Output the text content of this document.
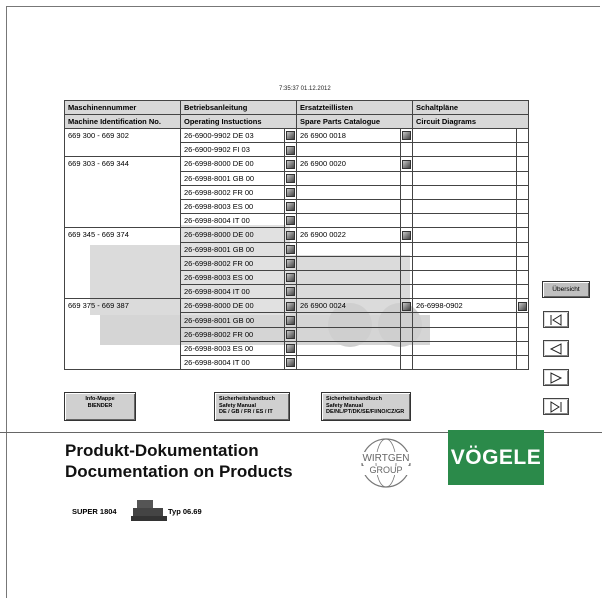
7:35:37 01.12.2012
Maschinennummer	Betriebsanleitung		Ersatzteillisten		Schaltpläne	
Machine Identification No.	Operating Instuctions		Spare Parts Catalogue		Circuit Diagrams	
669 300 - 669 302	26-6900-9902 DE 03		26 6900 0018			
	26-6900-9902 FI 03					
669 303 - 669 344	26-6998-8000 DE 00		26 6900 0020			
	26-6998-8001 GB 00					
	26-6998-8002 FR 00					
	26-6998-8003 ES 00					
	26-6998-8004 IT 00					
669 345 - 669 374	26-6998-8000 DE 00		26 6900 0022			
	26-6998-8001 GB 00					
	26-6998-8002 FR 00					
	26-6998-8003 ES 00					
	26-6998-8004 IT 00					
669 375 - 669 387	26-6998-8000 DE 00		26 6900 0024		26-6998-0902	
	26-6998-8001 GB 00					
	26-6998-8002 FR 00					
	26-6998-8003 ES 00					
	26-6998-8004 IT 00					
Übersicht
Info-Mappe
BIENDER
Sicherheitshandbuch
Safety Manual
DE / GB / FR / ES / IT
Sicherheitshandbuch
Safety Manual
DE/NL/PT/DK/SE/FI/NO/CZ/GR
Produkt-Dokumentation
Documentation on Products
WIRTGEN
GROUP
VÖGELE
SUPER 1804	Typ 06.69
